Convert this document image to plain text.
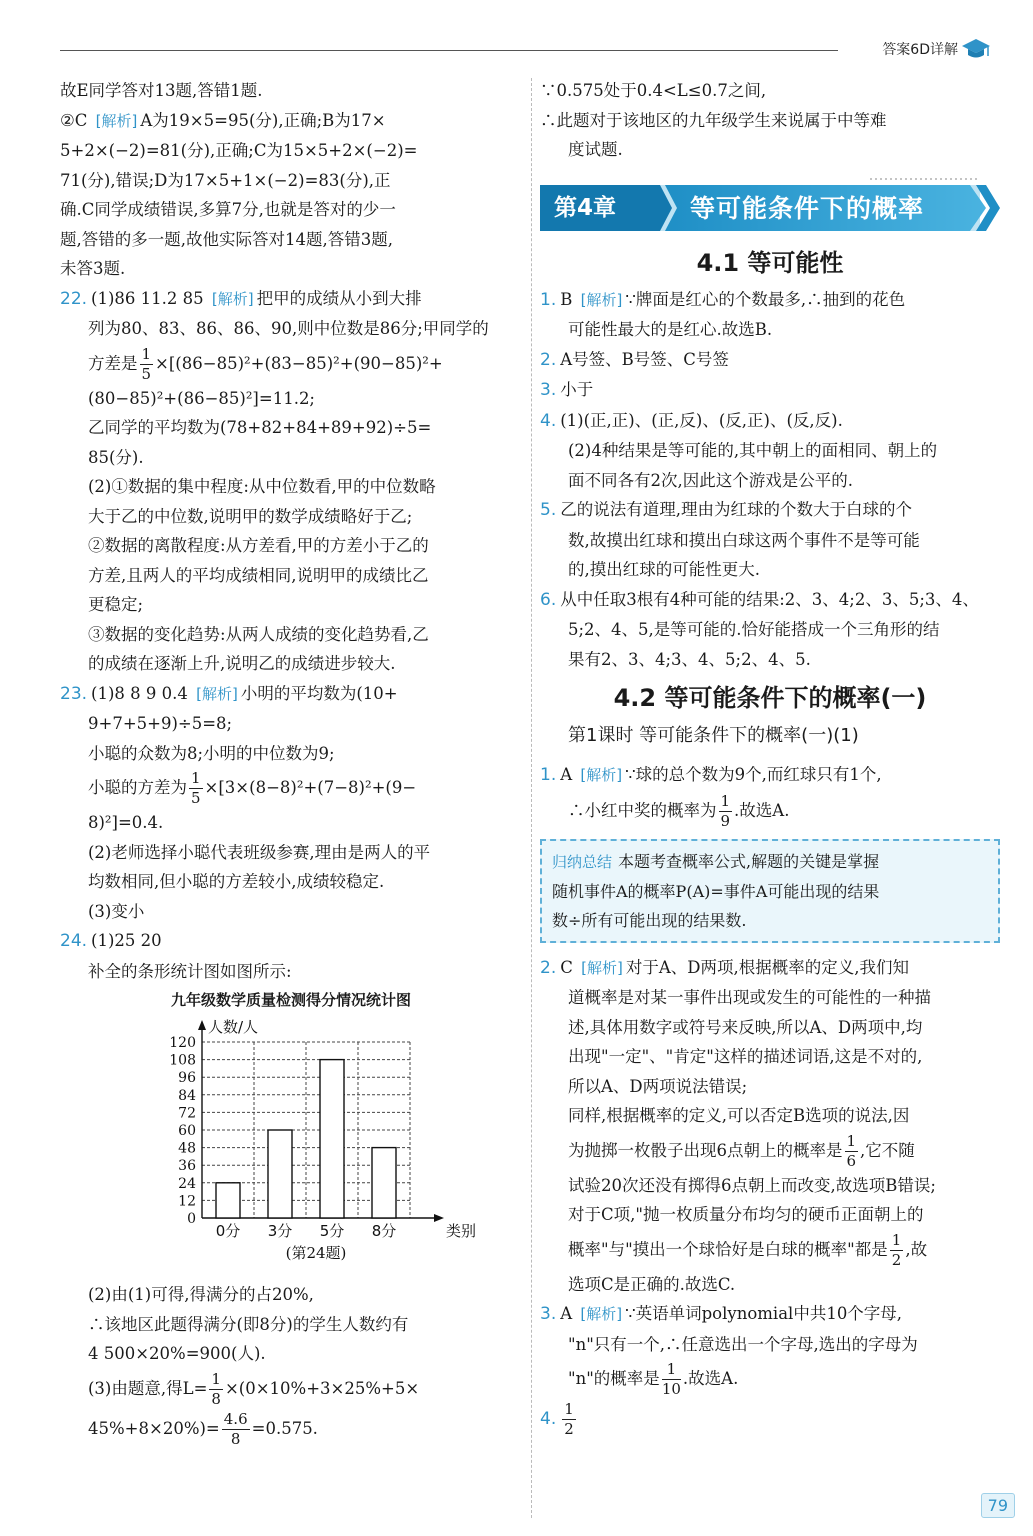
答案6D详解

故E同学答对13题,答错1题.

②C [解析] A为19×5=95(分),正确;B为17×

5+2×(−2)=81(分),正确;C为15×5+2×(−2)=

71(分),错误;D为17×5+1×(−2)=83(分),正

确.C同学成绩错误,多算7分,也就是答对的少一

题,答错的多一题,故他实际答对14题,答错3题,

未答3题.

22. (1)86 11.2 85 [解析] 把甲的成绩从小到大排

列为80、83、86、86、90,则中位数是86分;甲同学的

方差是 $\frac{1}{5} \times[(86-85)^2+(83-85)^2+(90-85)^2+$

(80−85)²+(86−85)²]=11.2;

乙同学的平均数为(78+82+84+89+92)÷5=

85(分).

(2)①数据的集中程度:从中位数看,甲的中位数略

大于乙的中位数,说明甲的数学成绩略好于乙;

②数据的离散程度:从方差看,甲的方差小于乙的

方差,且两人的平均成绩相同,说明甲的成绩比乙

更稳定;

③数据的变化趋势:从两人成绩的变化趋势看,乙

的成绩在逐渐上升,说明乙的成绩进步较大.

23. (1)8 8 9 0.4 [解析] 小明的平均数为(10+

9+7+5+9)÷5=8;

小聪的众数为8;小明的中位数为9;

小聪的方差为 $\frac{1}{5} \times[3\times(8-8)^2+(7-8)^2+(9-$

8)²]=0.4.

(2)老师选择小聪代表班级参赛,理由是两人的平

均数相同,但小聪的方差较小,成绩较稳定.

(3)变小

24. (1)25 20

补全的条形统计图如图所示:

九年级数学质量检测得分情况统计图
0
12
24
36
48
60
72
84
96
108
120
人数/人
类别
0分 3分 5分 8分
(第24题)

(2)由(1)可得,得满分的占20%,

∴该地区此题得满分(即8分)的学生人数约有

4 500×20%=900(人).

(3)由题意,得$L= \frac{1}{8} \times(0\times 10\%+3\times 25\%+5\times$

$45\%+8\times 20\%)= \frac{4.6}{8} =0.575$.

∵0.575处于0.4<L≤0.7之间,

∴此题对于该地区的九年级学生来说属于中等难

度试题.

第4章	等可能条件下的概率
4.1 等可能性

1. B [解析] ∵牌面是红心的个数最多,∴抽到的花色

可能性最大的是红心.故选B.

2. A号签、B号签、C号签

3. 小于

4. (1)(正,正)、(正,反)、(反,正)、(反,反).

(2)4种结果是等可能的,其中朝上的面相同、朝上的

面不同各有2次,因此这个游戏是公平的.

5. 乙的说法有道理,理由为红球的个数大于白球的个

数,故摸出红球和摸出白球这两个事件不是等可能

的,摸出红球的可能性更大.

6. 从中任取3根有4种可能的结果:2、3、4;2、3、5;3、4、

5;2、4、5,是等可能的.恰好能搭成一个三角形的结

果有2、3、4;3、4、5;2、4、5.

4.2 等可能条件下的概率(一)
第1课时 等可能条件下的概率(一)(1)

1. A [解析] ∵球的总个数为9个,而红球只有1个,

∴小红中奖的概率为 $\frac{1}{9}$ .故选A.

归纳总结 本题考查概率公式,解题的关键是掌握

随机事件A的概率P(A)=事件A可能出现的结果

数÷所有可能出现的结果数.

2. C [解析] 对于A、D两项,根据概率的定义,我们知

道概率是对某一事件出现或发生的可能性的一种描

述,具体用数字或符号来反映,所以A、D两项中,均

出现"一定"、"肯定"这样的描述词语,这是不对的,

所以A、D两项说法错误;

同样,根据概率的定义,可以否定B选项的说法,因

为抛掷一枚骰子出现6点朝上的概率是 $\frac{1}{6}$ ,它不随

试验20次还没有掷得6点朝上而改变,故选项B错误;

对于C项,"抛一枚质量分布均匀的硬币正面朝上的

概率"与"摸出一个球恰好是白球的概率"都是 $\frac{1}{2}$ ,故

选项C是正确的.故选C.

3. A [解析] ∵英语单词polynomial中共10个字母,

"n"只有一个,∴任意选出一个字母,选出的字母为

"n"的概率是 $\frac{1}{10}$ .故选A.

4. $\frac{1}{2}$

79
